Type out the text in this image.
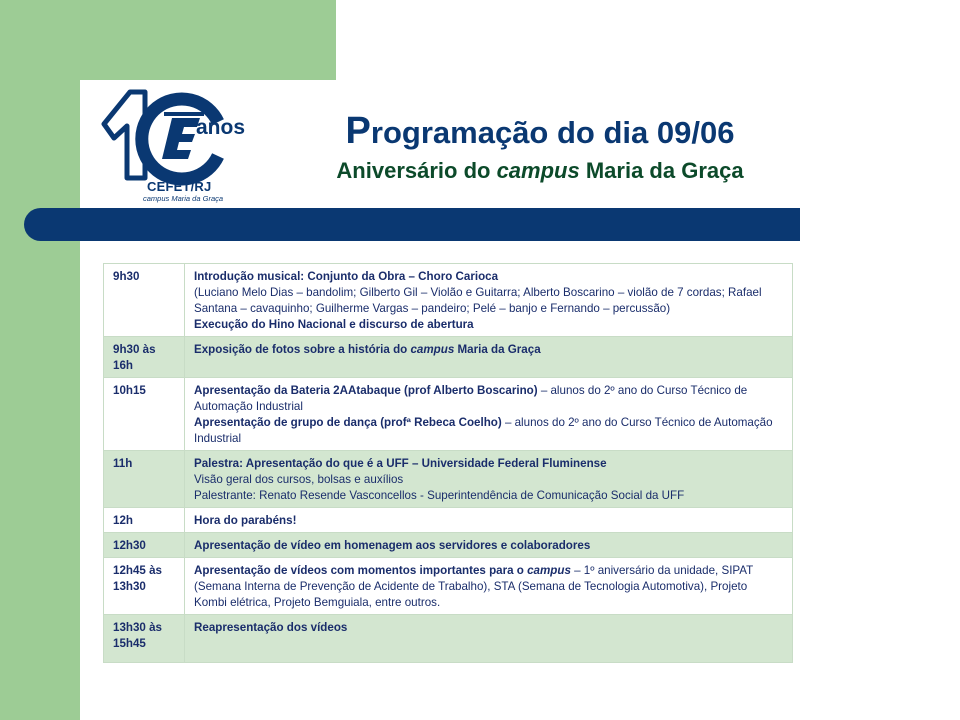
anos
CEFET/RJ
campus Maria da Graça
Programação do dia 09/06
Aniversário do campus Maria da Graça
9h30	Introdução musical: Conjunto da Obra – Choro Carioca
(Luciano Melo Dias – bandolim; Gilberto Gil – Violão e Guitarra; Alberto Boscarino – violão de 7 cordas; Rafael Santana – cavaquinho; Guilherme Vargas – pandeiro; Pelé – banjo e Fernando – percussão)
Execução do Hino Nacional e discurso de abertura

9h30 às 16h	Exposição de fotos sobre a história do campus Maria da Graça
10h15	Apresentação da Bateria 2AAtabaque (prof Alberto Boscarino) – alunos do 2º ano do Curso Técnico de Automação Industrial
Apresentação de grupo de dança (profª Rebeca Coelho) – alunos do 2º ano do Curso Técnico de Automação Industrial

11h	Palestra: Apresentação do que é a UFF – Universidade Federal Fluminense
Visão geral dos cursos, bolsas e auxílios
Palestrante: Renato Resende Vasconcellos - Superintendência de Comunicação Social da UFF

12h	Hora do parabéns!
12h30	Apresentação de vídeo em homenagem aos servidores e colaboradores
12h45 às 13h30	Apresentação de vídeos com momentos importantes para o campus – 1º aniversário da unidade, SIPAT (Semana Interna de Prevenção de Acidente de Trabalho), STA (Semana de Tecnologia Automotiva), Projeto Kombi elétrica, Projeto Bemguiala, entre outros.
13h30 às 15h45	Reapresentação dos vídeos
